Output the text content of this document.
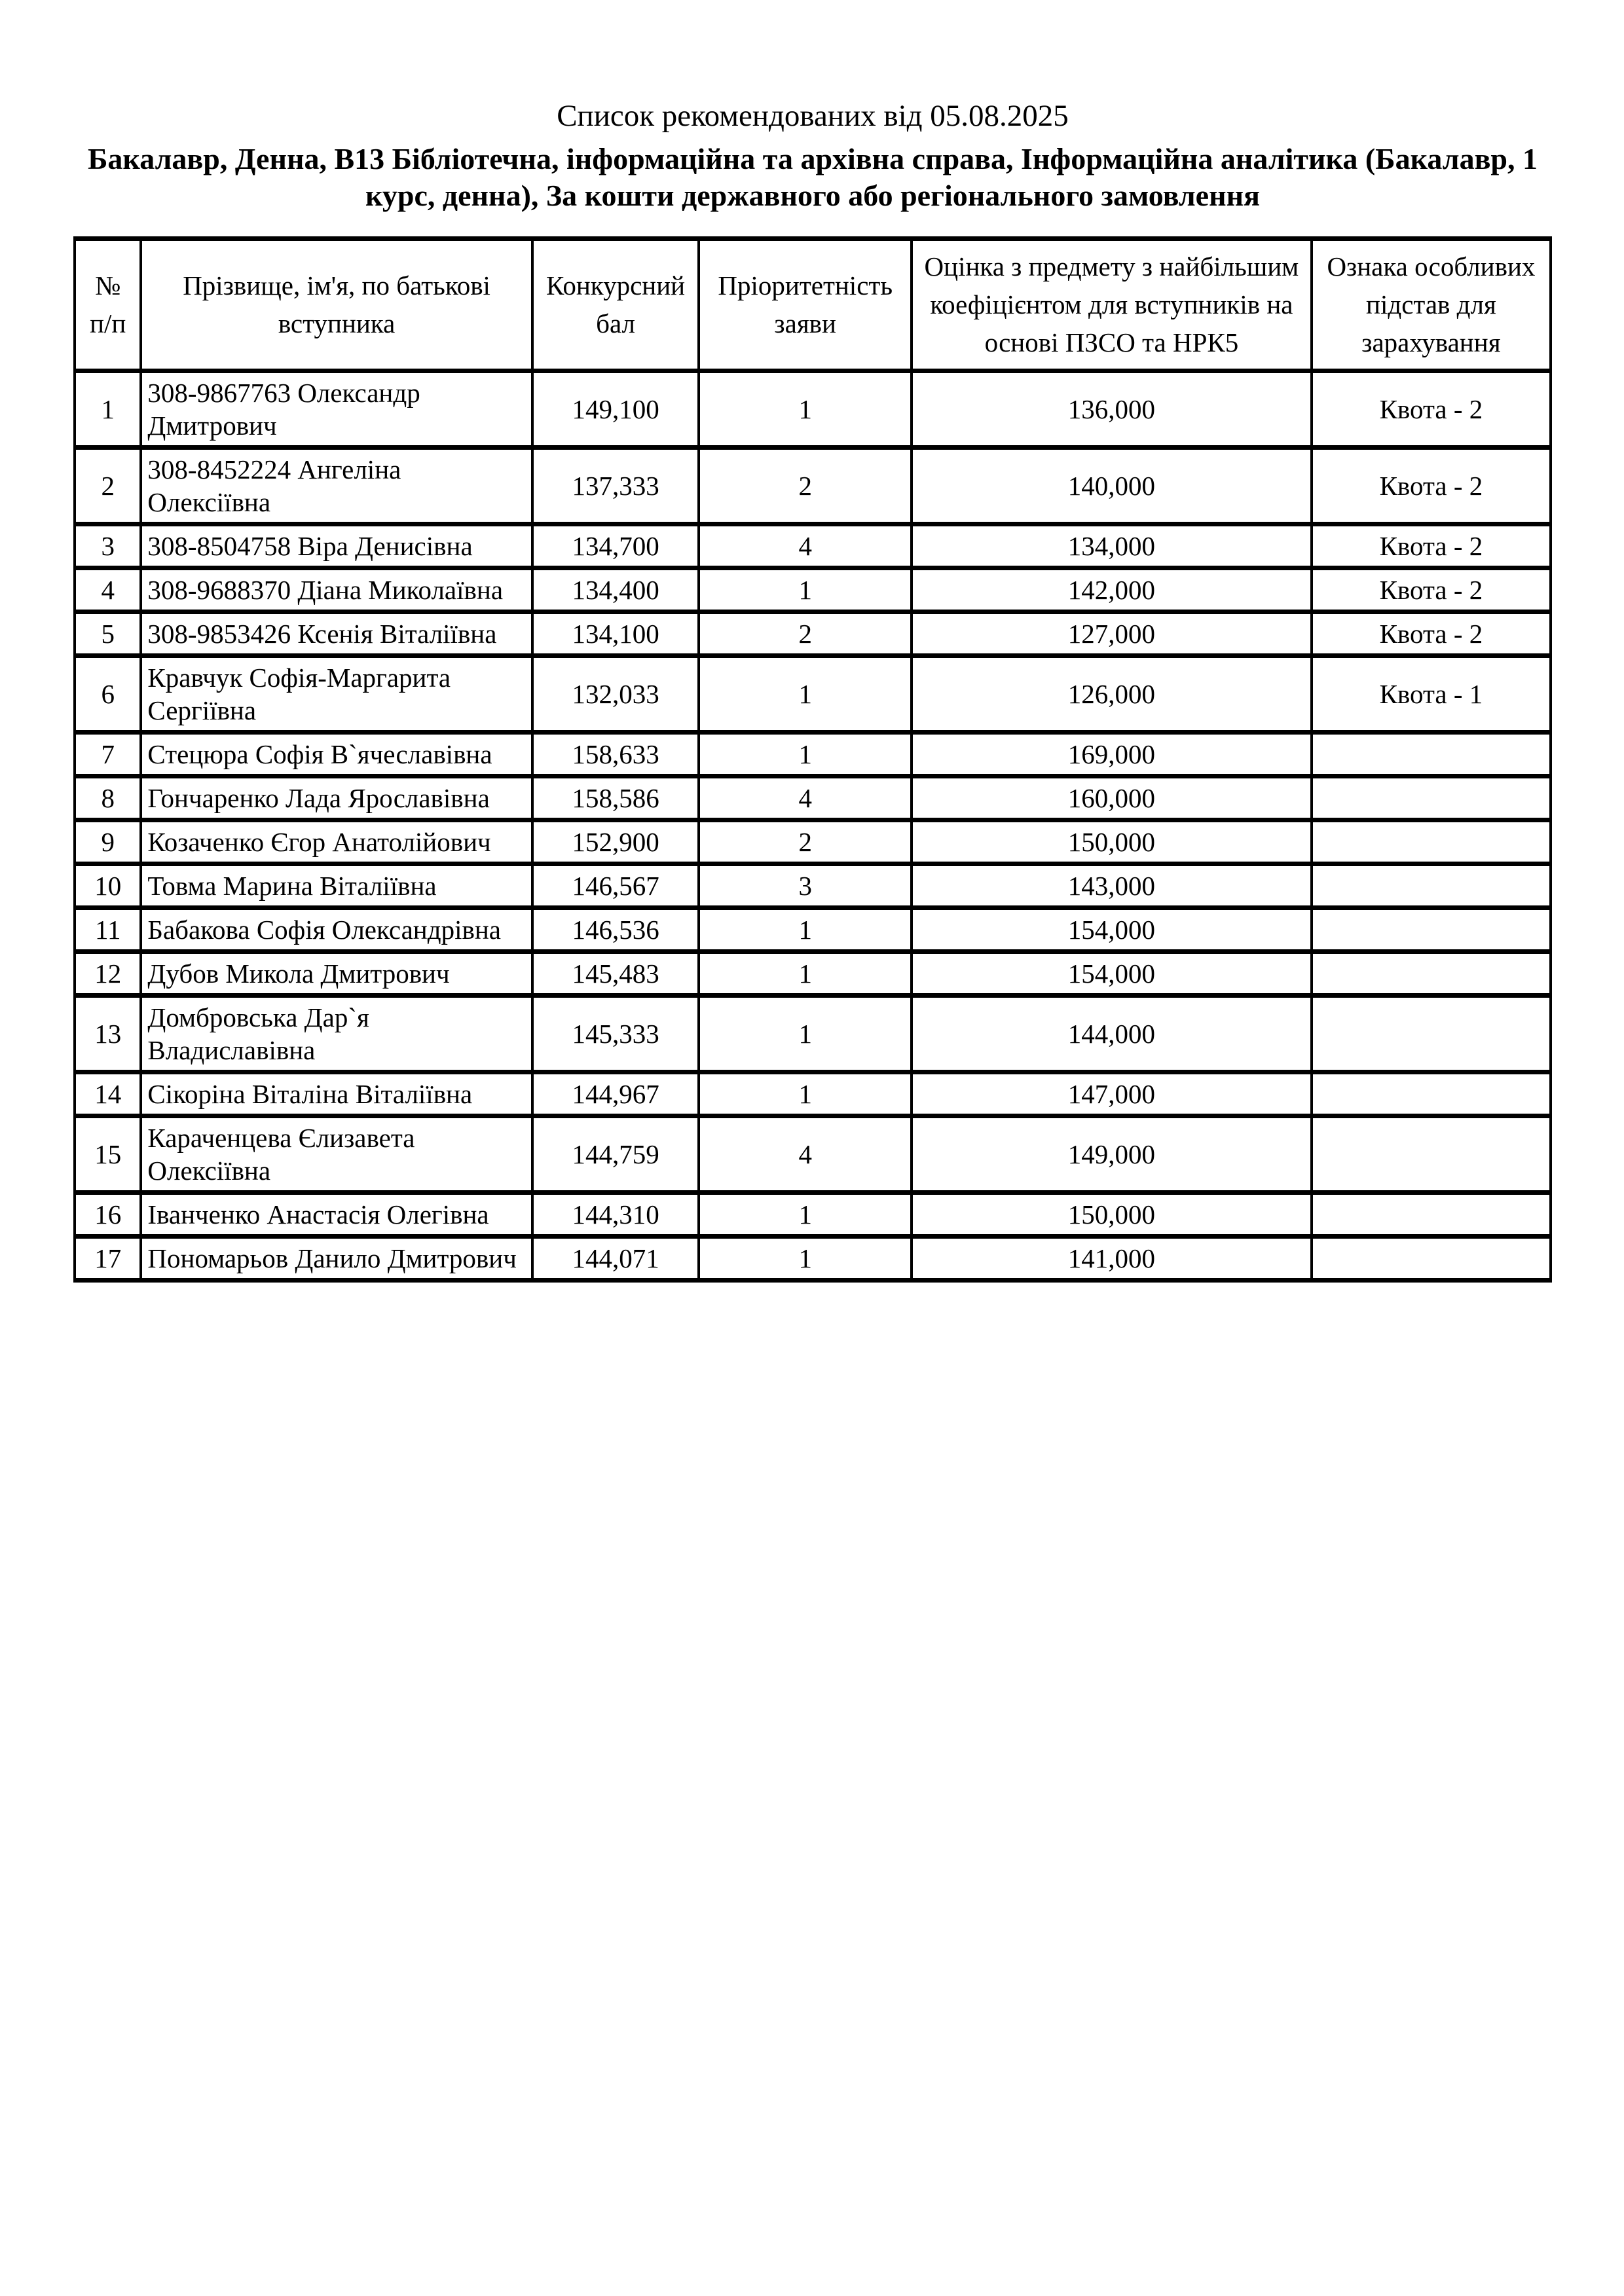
Список рекомендованих від 05.08.2025
Бакалавр, Денна, В13 Бібліотечна, інформаційна та архівна справа, Інформаційна аналітика (Бакалавр, 1 курс, денна), За кошти державного або регіонального замовлення
№ п/п	Прізвище, ім'я, по батькові вступника	Конкурсний бал	Пріоритетність заяви	Оцінка з предмету з найбільшим коефіцієнтом для вступників на основі ПЗСО та НРК5	Ознака особливих підстав для зарахування
1	308-9867763 Олександр Дмитрович	149,100	1	136,000	Квота - 2
2	308-8452224 Ангеліна Олексіївна	137,333	2	140,000	Квота - 2
3	308-8504758 Віра Денисівна	134,700	4	134,000	Квота - 2
4	308-9688370 Діана Миколаївна	134,400	1	142,000	Квота - 2
5	308-9853426 Ксенія Віталіївна	134,100	2	127,000	Квота - 2
6	Кравчук Софія-Маргарита Сергіївна	132,033	1	126,000	Квота - 1
7	Стецюра Софія В`ячеславівна	158,633	1	169,000	
8	Гончаренко Лада Ярославівна	158,586	4	160,000	
9	Козаченко Єгор Анатолійович	152,900	2	150,000	
10	Товма Марина Віталіївна	146,567	3	143,000	
11	Бабакова Софія Олександрівна	146,536	1	154,000	
12	Дубов Микола Дмитрович	145,483	1	154,000	
13	Домбровська Дар`я Владиславівна	145,333	1	144,000	
14	Сікоріна Віталіна Віталіївна	144,967	1	147,000	
15	Караченцева Єлизавета Олексіївна	144,759	4	149,000	
16	Іванченко Анастасія Олегівна	144,310	1	150,000	
17	Пономарьов Данило Дмитрович	144,071	1	141,000	
